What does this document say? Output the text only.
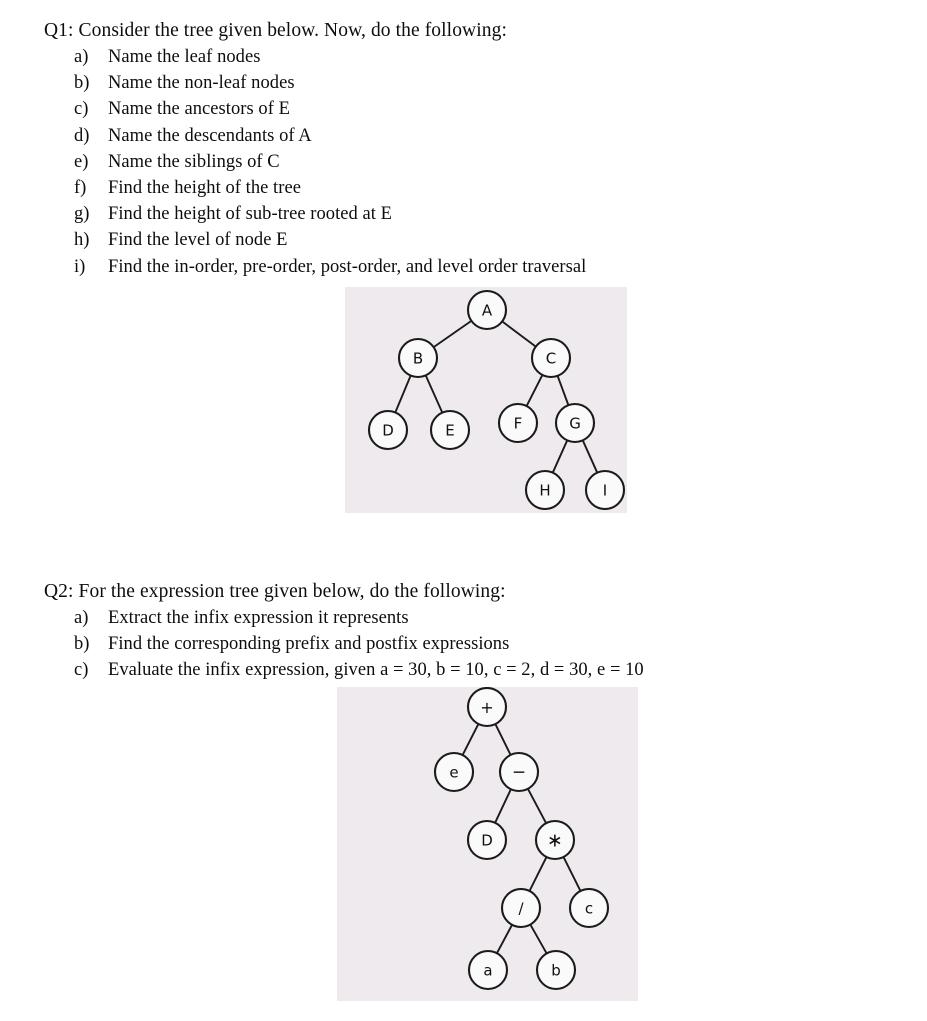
Q1: Consider the tree given below. Now, do the following:
a)	Name the leaf nodes
b)	Name the non-leaf nodes
c)	Name the ancestors of E
d)	Name the descendants of A
e)	Name the siblings of C
f)	Find the height of the tree
g)	Find the height of sub-tree rooted at E
h)	Find the level of node E
i)	Find the in-order, pre-order, post-order, and level order traversal
A
B	C
D	E	F	G
H	I
Q2: For the expression tree given below, do the following:
a)	Extract the infix expression it represents
b)	Find the corresponding prefix and postfix expressions
c)	Evaluate the infix expression, given a = 30, b = 10, c = 2, d = 30, e = 10
+
e	−
D	∗
/	c
a	b
